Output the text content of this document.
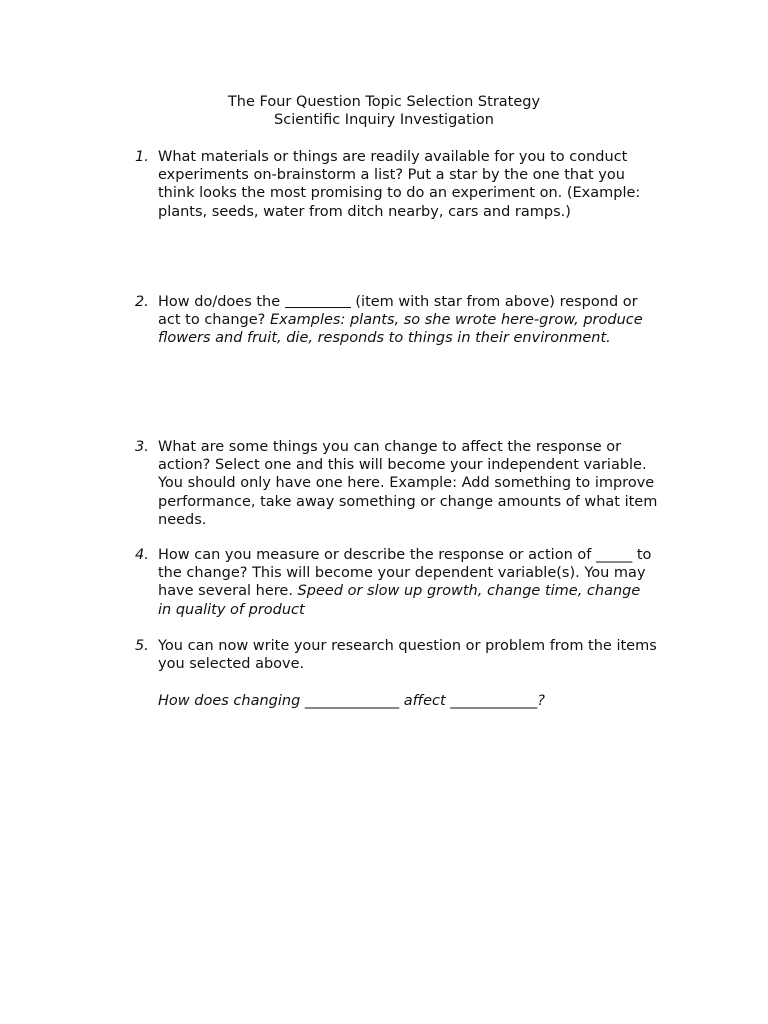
The Four Question Topic Selection Strategy
Scientific Inquiry Investigation
1. What materials or things are readily available for you to conduct experiments on-brainstorm a list? Put a star by the one that you think looks the most promising to do an experiment on. (Example: plants, seeds, water from ditch nearby, cars and ramps.)
2. How do/does the	(item with star from above) respond or act to change? Examples: plants, so she wrote here-grow, produce flowers and fruit, die, responds to things in their environment.
3. What are some things you can change to affect the response or action? Select one and this will become your independent variable. You should only have one here. Example: Add something to improve performance, take away something or change amounts of what item needs.
4. How can you measure or describe the response or action of _____ to the change? This will become your dependent variable(s). You may have several here. Speed or slow up growth, change time, change in quality of product
5. You can now write your research question or problem from the items you selected above.
How does changing _____________ affect ____________?
